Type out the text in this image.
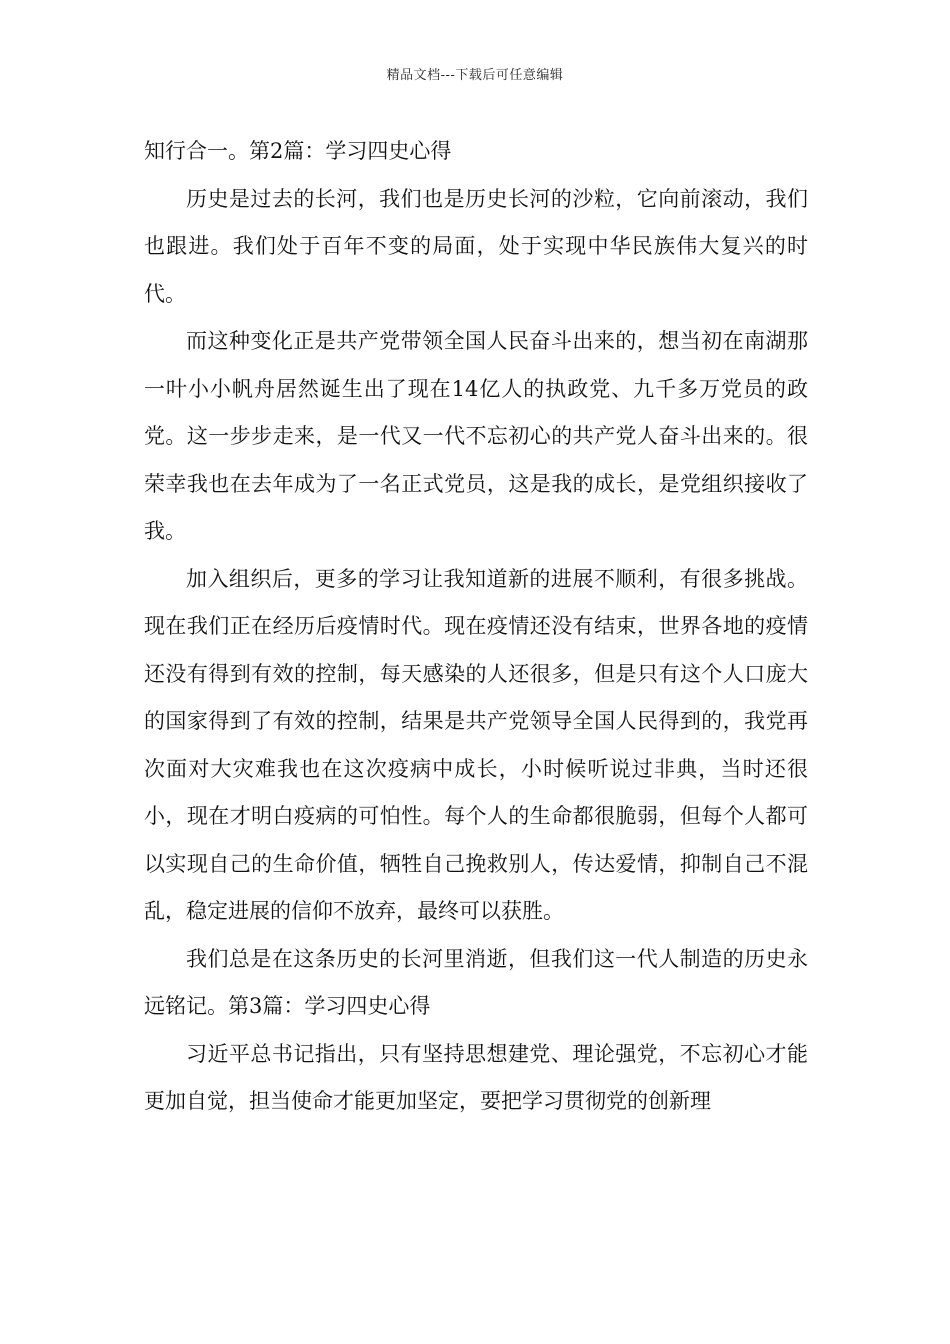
精品文档---下载后可任意编辑

知行合一。第2篇：学习四史心得

历史是过去的长河，我们也是历史长河的沙粒，它向前滚动，我们也跟进。我们处于百年不变的局面，处于实现中华民族伟大复兴的时代。

而这种变化正是共产党带领全国人民奋斗出来的，想当初在南湖那一叶小小帆舟居然诞生出了现在14亿人的执政党、九千多万党员的政党。这一步步走来，是一代又一代不忘初心的共产党人奋斗出来的。很荣幸我也在去年成为了一名正式党员，这是我的成长，是党组织接收了我。

加入组织后，更多的学习让我知道新的进展不顺利，有很多挑战。现在我们正在经历后疫情时代。现在疫情还没有结束，世界各地的疫情还没有得到有效的控制，每天感染的人还很多，但是只有这个人口庞大的国家得到了有效的控制，结果是共产党领导全国人民得到的，我党再次面对大灾难我也在这次疫病中成长，小时候听说过非典，当时还很小，现在才明白疫病的可怕性。每个人的生命都很脆弱，但每个人都可以实现自己的生命价值，牺牲自己挽救别人，传达爱情，抑制自己不混乱，稳定进展的信仰不放弃，最终可以获胜。

我们总是在这条历史的长河里消逝，但我们这一代人制造的历史永远铭记。第3篇：学习四史心得

习近平总书记指出，只有坚持思想建党、理论强党，不忘初心才能更加自觉，担当使命才能更加坚定，要把学习贯彻党的创新理
